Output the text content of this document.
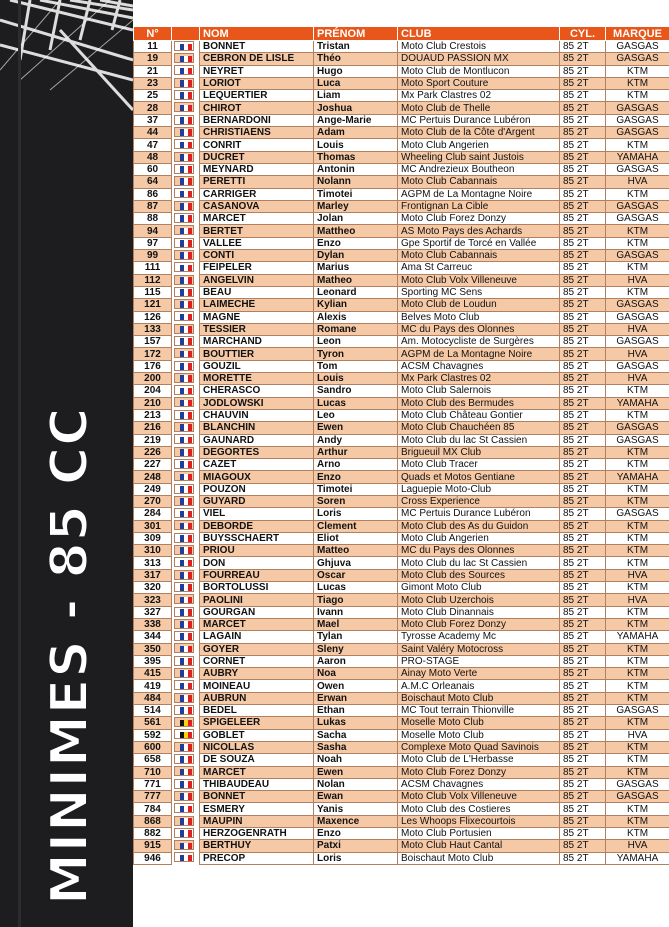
MINIMES - 85 CC
N°		NOM	PRÉNOM	CLUB	CYL.	MARQUE
11	BONNET	Tristan	Moto Club Crestois	85 2T	GASGAS
19	CEBRON DE LISLE	Théo	DOUAUD PASSION MX	85 2T	GASGAS
21	NEYRET	Hugo	Moto Club de Montlucon	85 2T	KTM
23	LORIOT	Luca	Moto Sport Couture	85 2T	KTM
25	LEQUERTIER	Liam	Mx Park Clastres 02	85 2T	KTM
28	CHIROT	Joshua	Moto Club de Thelle	85 2T	GASGAS
37	BERNARDONI	Ange-Marie	MC Pertuis Durance Lubéron	85 2T	GASGAS
44	CHRISTIAENS	Adam	Moto Club de la Côte d'Argent	85 2T	GASGAS
47	CONRIT	Louis	Moto Club Angerien	85 2T	KTM
48	DUCRET	Thomas	Wheeling Club saint Justois	85 2T	YAMAHA
60	MEYNARD	Antonin	MC Andrezieux Boutheon	85 2T	GASGAS
64	PERETTI	Nolann	Moto Club Cabannais	85 2T	HVA
86	CARRIGER	Timotei	AGPM de La Montagne Noire	85 2T	KTM
87	CASANOVA	Marley	Frontignan La Cible	85 2T	GASGAS
88	MARCET	Jolan	Moto Club Forez Donzy	85 2T	GASGAS
94	BERTET	Mattheo	AS Moto Pays des Achards	85 2T	KTM
97	VALLEE	Enzo	Gpe Sportif de Torcé en Vallée	85 2T	KTM
99	CONTI	Dylan	Moto Club Cabannais	85 2T	GASGAS
111	FEIPELER	Marius	Ama St Carreuc	85 2T	KTM
112	ANGELVIN	Matheo	Moto Club Volx Villeneuve	85 2T	HVA
115	BEAU	Leonard	Sporting MC Sens	85 2T	KTM
121	LAIMECHE	Kylian	Moto Club de Loudun	85 2T	GASGAS
126	MAGNE	Alexis	Belves Moto Club	85 2T	GASGAS
133	TESSIER	Romane	MC du Pays des Olonnes	85 2T	HVA
157	MARCHAND	Leon	Am. Motocycliste de Surgères	85 2T	GASGAS
172	BOUTTIER	Tyron	AGPM de La Montagne Noire	85 2T	HVA
176	GOUZIL	Tom	ACSM Chavagnes	85 2T	GASGAS
200	MORETTE	Louis	Mx Park Clastres 02	85 2T	HVA
204	CHERASCO	Sandro	Moto Club Salernois	85 2T	KTM
210	JODLOWSKI	Lucas	Moto Club des Bermudes	85 2T	YAMAHA
213	CHAUVIN	Leo	Moto Club Château Gontier	85 2T	KTM
216	BLANCHIN	Ewen	Moto Club Chauchéen 85	85 2T	GASGAS
219	GAUNARD	Andy	Moto Club du lac St Cassien	85 2T	GASGAS
226	DEGORTES	Arthur	Brigueuil MX Club	85 2T	KTM
227	CAZET	Arno	Moto Club Tracer	85 2T	KTM
248	MIAGOUX	Enzo	Quads et Motos Gentiane	85 2T	YAMAHA
249	POUZON	Timotei	Laguepie Moto-Club	85 2T	KTM
270	GUYARD	Soren	Cross Experience	85 2T	KTM
284	VIEL	Loris	MC Pertuis Durance Lubéron	85 2T	GASGAS
301	DEBORDE	Clement	Moto Club des As du Guidon	85 2T	KTM
309	BUYSSCHAERT	Eliot	Moto Club Angerien	85 2T	KTM
310	PRIOU	Matteo	MC du Pays des Olonnes	85 2T	KTM
313	DON	Ghjuva	Moto Club du lac St Cassien	85 2T	KTM
317	FOURREAU	Oscar	Moto Club des Sources	85 2T	HVA
320	BORTOLUSSI	Lucas	Gimont Moto Club	85 2T	KTM
323	PAOLINI	Tiago	Moto Club Uzerchois	85 2T	HVA
327	GOURGAN	Ivann	Moto Club Dinannais	85 2T	KTM
338	MARCET	Mael	Moto Club Forez Donzy	85 2T	KTM
344	LAGAIN	Tylan	Tyrosse Academy Mc	85 2T	YAMAHA
350	GOYER	Sleny	Saint Valéry Motocross	85 2T	KTM
395	CORNET	Aaron	PRO-STAGE	85 2T	KTM
415	AUBRY	Noa	Ainay Moto Verte	85 2T	KTM
419	MOINEAU	Owen	A.M.C Orleanais	85 2T	KTM
484	AUBRUN	Erwan	Boischaut Moto Club	85 2T	KTM
514	BEDEL	Ethan	MC Tout terrain Thionville	85 2T	GASGAS
561	SPIGELEER	Lukas	Moselle Moto Club	85 2T	KTM
592	GOBLET	Sacha	Moselle Moto Club	85 2T	HVA
600	NICOLLAS	Sasha	Complexe Moto Quad Savinois	85 2T	KTM
658	DE SOUZA	Noah	Moto Club de L'Herbasse	85 2T	KTM
710	MARCET	Ewen	Moto Club Forez Donzy	85 2T	KTM
771	THIBAUDEAU	Nolan	ACSM Chavagnes	85 2T	GASGAS
777	BONNET	Ewan	Moto Club Volx Villeneuve	85 2T	GASGAS
784	ESMERY	Yanis	Moto Club des Costieres	85 2T	KTM
868	MAUPIN	Maxence	Les Whoops Flixecourtois	85 2T	KTM
882	HERZOGENRATH	Enzo	Moto Club Portusien	85 2T	KTM
915	BERTHUY	Patxi	Moto Club Haut Cantal	85 2T	HVA
946	PRECOP	Loris	Boischaut Moto Club	85 2T	YAMAHA
